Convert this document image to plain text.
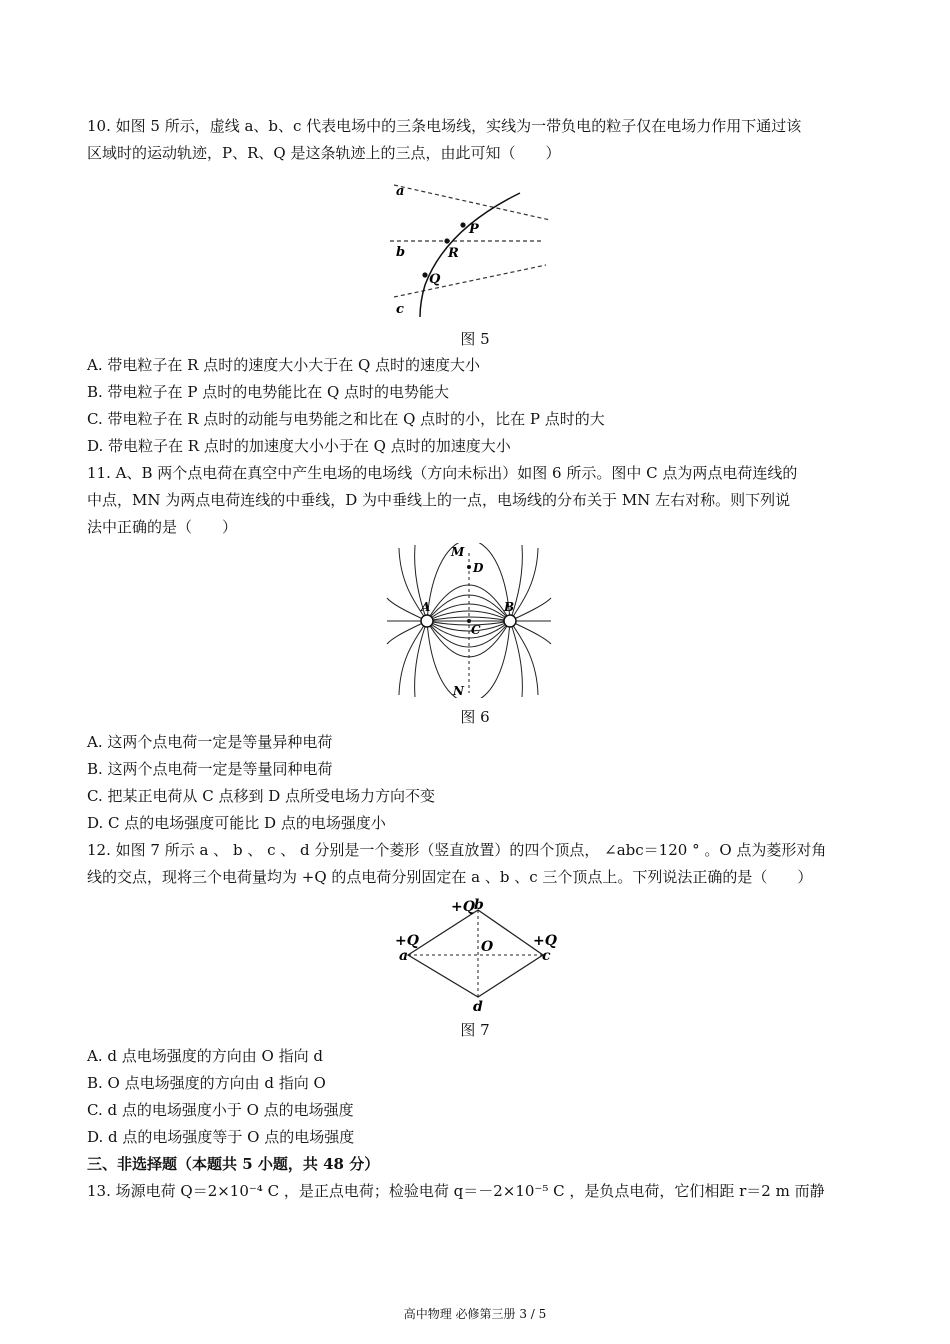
10. 如图 5 所示，虚线 a、b、c 代表电场中的三条电场线，实线为一带负电的粒子仅在电场力作用下通过该
区域时的运动轨迹，P、R、Q 是这条轨迹上的三点，由此可知（　　）
a
b
c
P
R
Q
图 5
A. 带电粒子在 R 点时的速度大小大于在 Q 点时的速度大小
B. 带电粒子在 P 点时的电势能比在 Q 点时的电势能大
C. 带电粒子在 R 点时的动能与电势能之和比在 Q 点时的小，比在 P 点时的大
D. 带电粒子在 R 点时的加速度大小小于在 Q 点时的加速度大小
11. A、B 两个点电荷在真空中产生电场的电场线（方向未标出）如图 6 所示。图中 C 点为两点电荷连线的
中点，MN 为两点电荷连线的中垂线，D 为中垂线上的一点，电场线的分布关于 MN 左右对称。则下列说
法中正确的是（　　）
M
N
A	B
C
D
图 6
A. 这两个点电荷一定是等量异种电荷
B. 这两个点电荷一定是等量同种电荷
C. 把某正电荷从 C 点移到 D 点所受电场力方向不变
D. C 点的电场强度可能比 D 点的电场强度小
12. 如图 7 所示 a 、 b 、 c 、 d 分别是一个菱形（竖直放置）的四个顶点， ∠abc＝120 ° 。O 点为菱形对角
线的交点，现将三个电荷量均为 +Q 的点电荷分别固定在 a 、b 、c 三个顶点上。下列说法正确的是（　　）
+Q b
+Q
a
+Q
c
O
d
图 7
A. d 点电场强度的方向由 O 指向 d
B. O 点电场强度的方向由 d 指向 O
C. d 点的电场强度小于 O 点的电场强度
D. d 点的电场强度等于 O 点的电场强度
三、非选择题（本题共 5 小题，共 48 分）
13. 场源电荷 Q＝2×10⁻⁴ C ，是正点电荷；检验电荷 q＝－2×10⁻⁵ C ，是负点电荷，它们相距 r＝2 m 而静
高中物理 必修第三册 3 / 5
